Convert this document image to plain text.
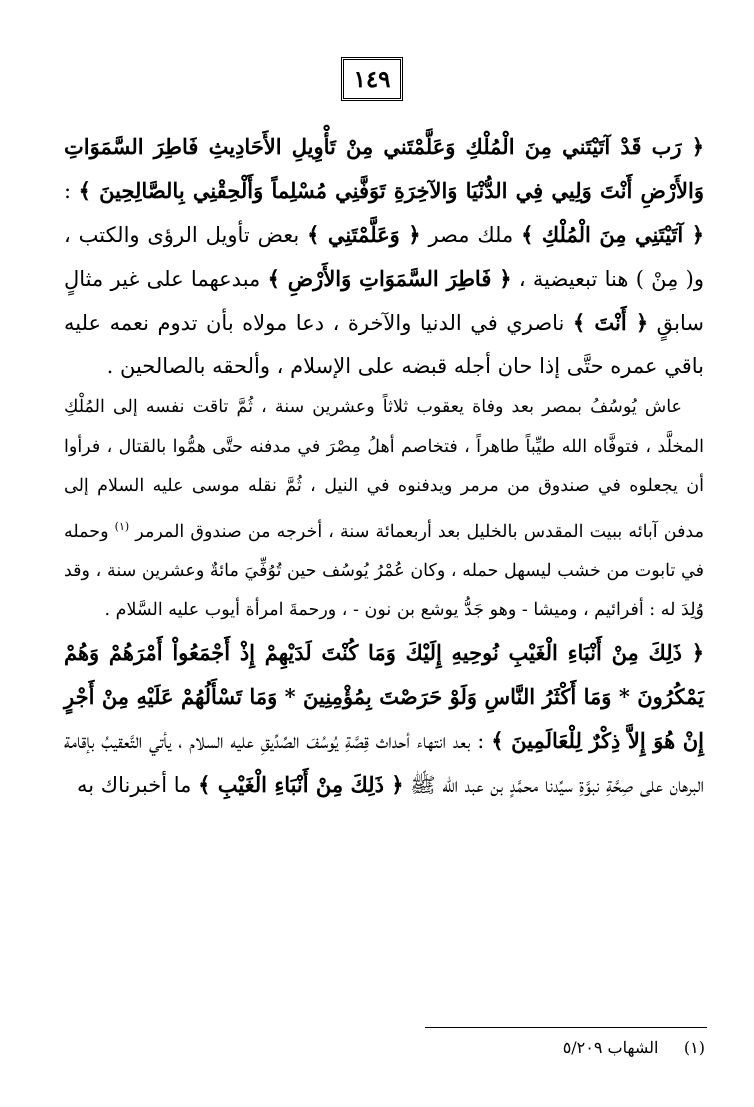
١٤٩

﴿ رَب قَدْ آتَيْتَني مِنَ الْمُلْكِ وَعَلَّمْتَني مِنْ تَأْوِيلِ الأَحَادِيثِ فَاطِرَ السَّمَوَاتِ وَالأَرْضِ أَنْتَ وَلِيي فِي الدُّنْيَا وَالآخِرَةِ تَوَفَّنِي مُسْلِماً وَأَلْحِقْنِي بِالصَّالِحِينَ ﴾ : ﴿ آتَيْتَنِي مِنَ الْمُلْكِ ﴾ ملك مصر ﴿ وَعَلَّمْتَنِي ﴾ بعض تأويل الرؤى والكتب ، و( مِنْ ) هنا تبعيضية ، ﴿ فَاطِرَ السَّمَوَاتِ وَالأَرْضِ ﴾ مبدعهما على غير مثالٍ سابقٍ ﴿ أَنْتَ ﴾ ناصري في الدنيا والآخرة ، دعا مولاه بأن تدوم نعمه عليه باقي عمره حتَّى إذا حان أجله قبضه على الإسلام ، وألحقه بالصالحين .

عاش يُوسُفُ بمصر بعد وفاة يعقوب ثلاثاً وعشرين سنة ، ثُمَّ تاقت نفسه إلى المُلْكِ المخلَّد ، فتوفَّاه الله طيِّباً طاهراً ، فتخاصم أهلُ مِصْرَ في مدفنه حتَّى همُّوا بالقتال ، فرأوا أن يجعلوه في صندوق من مرمر ويدفنوه في النيل ، ثُمَّ نقله موسى عليه السلام إلى مدفن آبائه ببيت المقدس بالخليل بعد أربعمائة سنة ، أخرجه من صندوق المرمر $^{(١)}$ وحمله في تابوت من خشب ليسهل حمله ، وكان عُمْرُ يُوسُف حين تُوُفِّيَ مائةٌ وعشرين سنة ، وقد وُلِدَ له : أفرائيم ، وميشا - وهو جَدُّ يوشع بن نون - ، ورحمةَ امرأة أيوب عليه السَّلام .

﴿ ذَلِكَ مِنْ أَنْبَاءِ الْغَيْبِ نُوحِيهِ إِلَيْكَ وَمَا كُنْتَ لَدَيْهِمْ إِذْ أَجْمَعُواْ أَمْرَهُمْ وَهُمْ يَمْكُرُونَ * وَمَا أَكْثَرُ النَّاسِ وَلَوْ حَرَصْتَ بِمُؤْمِنِينَ * وَمَا تَسْأَلُهُمْ عَلَيْهِ مِنْ أَجْرٍ إِنْ هُوَ إِلاَّ ذِكْرٌ لِلْعَالَمِينَ ﴾ : بعد انتهاء أحداث قِصَّةِ يُوسُفَ الصِّدِّيقِ عليه السلام ، يأتي التَّعقيبُ بإقامة البرهان على صِحَّةِ نبوَّةِ سيِّدنا محمَّدٍ بن عبد الله ﷺ ﴿ ذَلِكَ مِنْ أَنْبَاءِ الْغَيْبِ ﴾ ما أخبرناك به

(١)     الشهاب ٥/٢٠٩
